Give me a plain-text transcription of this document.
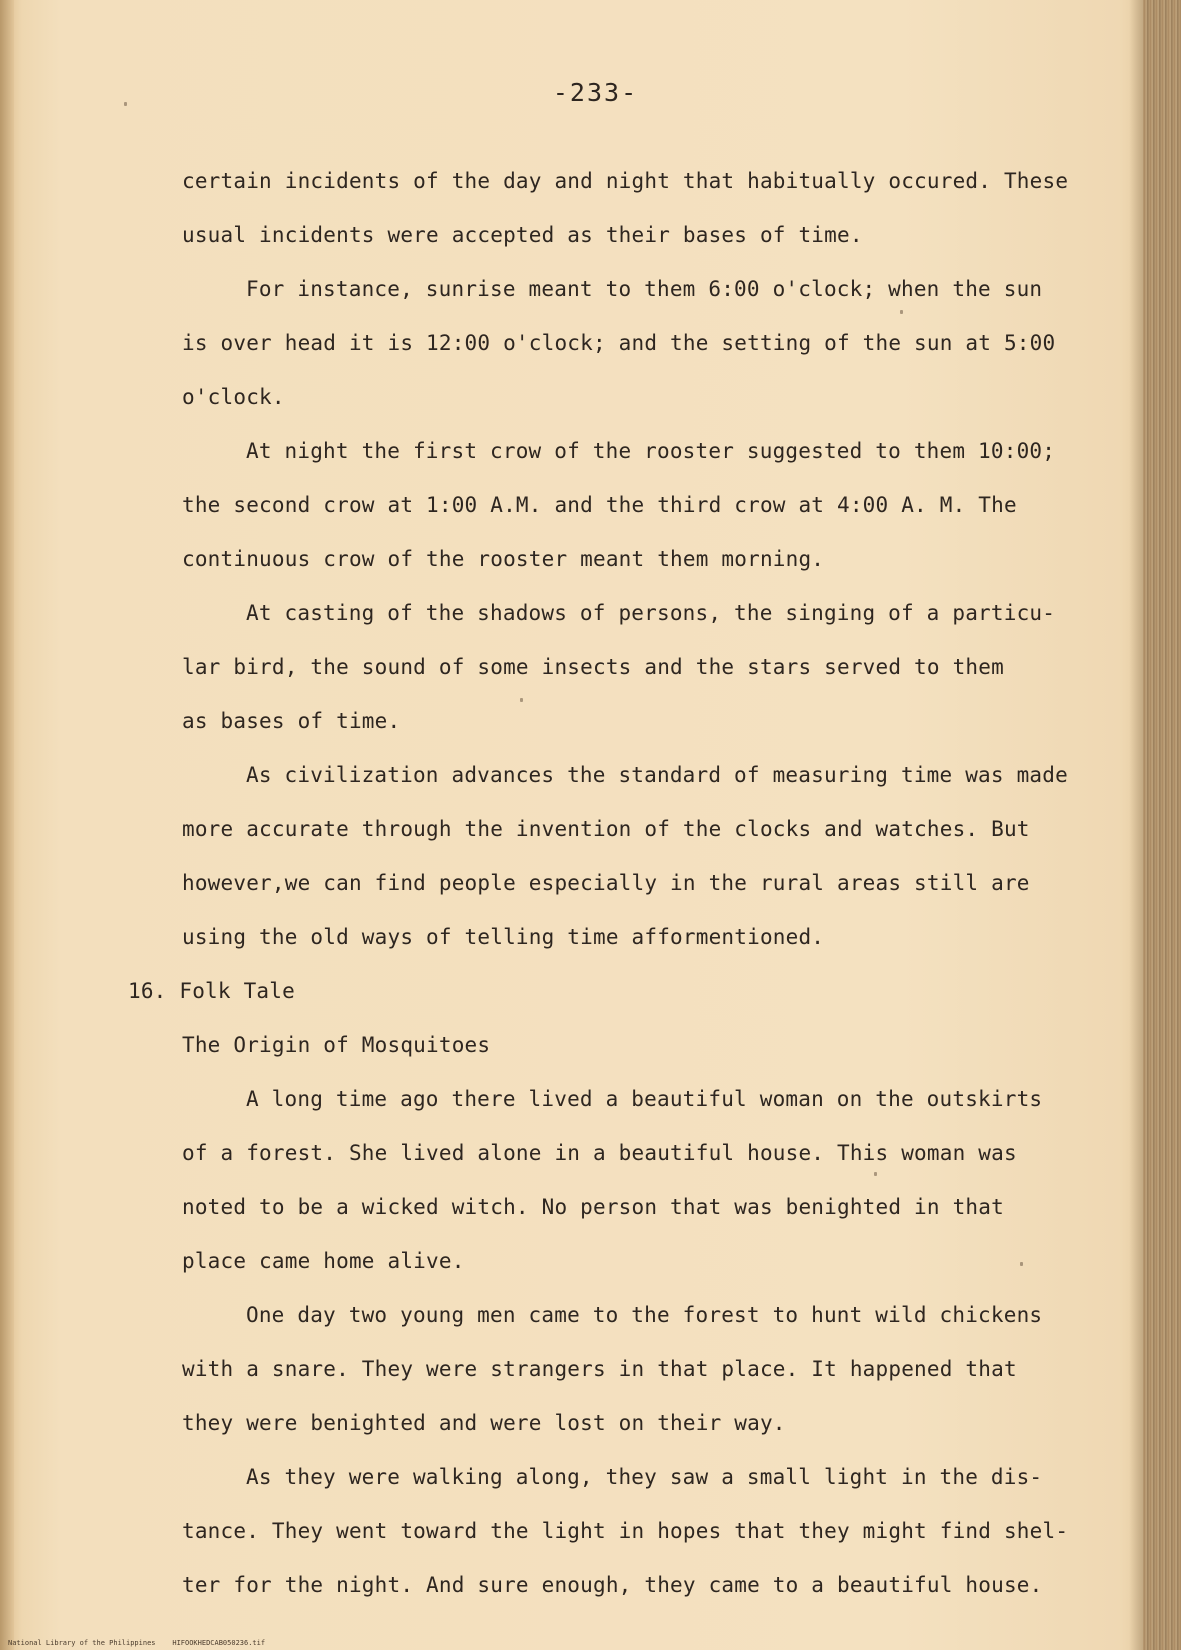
-233-
certain incidents of the day and night that habitually occured. These
usual incidents were accepted as their bases of time.
For instance, sunrise meant to them 6:00 o'clock; when the sun
is over head it is 12:00 o'clock; and the setting of the sun at 5:00
o'clock.
At night the first crow of the rooster suggested to them 10:00;
the second crow at 1:00 A.M. and the third crow at 4:00 A. M. The
continuous crow of the rooster meant them morning.
At casting of the shadows of persons, the singing of a particu-
lar bird, the sound of some insects and the stars served to them
as bases of time.
As civilization advances the standard of measuring time was made
more accurate through the invention of the clocks and watches. But
however,we can find people especially in the rural areas still are
using the old ways of telling time afformentioned.
16. Folk Tale
The Origin of Mosquitoes
A long time ago there lived a beautiful woman on the outskirts
of a forest. She lived alone in a beautiful house. This woman was
noted to be a wicked witch. No person that was benighted in that
place came home alive.
One day two young men came to the forest to hunt wild chickens
with a snare. They were strangers in that place. It happened that
they were benighted and were lost on their way.
As they were walking along, they saw a small light in the dis-
tance. They went toward the light in hopes that they might find shel-
ter for the night. And sure enough, they came to a beautiful house.
National Library of the Philippines    HIFOOKHEDCAB050236.tif
